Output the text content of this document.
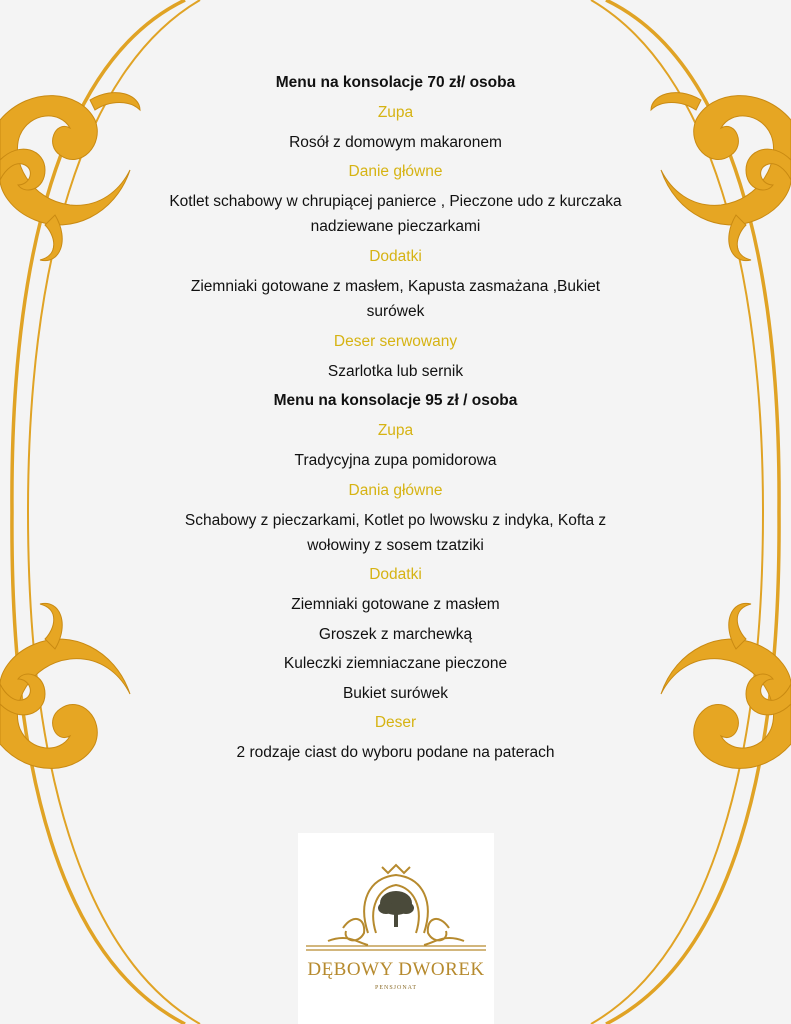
Menu na konsolacje 70 zł/ osoba
Zupa
Rosół z domowym makaronem
Danie główne
Kotlet schabowy w chrupiącej panierce , Pieczone udo z kurczaka
nadziewane pieczarkami
Dodatki
Ziemniaki gotowane z masłem, Kapusta zasmażana ,Bukiet
surówek
Deser serwowany
Szarlotka lub sernik
Menu na konsolacje 95 zł / osoba
Zupa
Tradycyjna zupa pomidorowa
Dania główne
Schabowy z pieczarkami, Kotlet po lwowsku z indyka, Kofta z
wołowiny z sosem tzatziki
Dodatki
Ziemniaki gotowane z masłem
Groszek z marchewką
Kuleczki ziemniaczane pieczone
Bukiet surówek
Deser
2 rodzaje ciast do wyboru podane na paterach
DĘBOWY DWOREK
PENSJONAT
